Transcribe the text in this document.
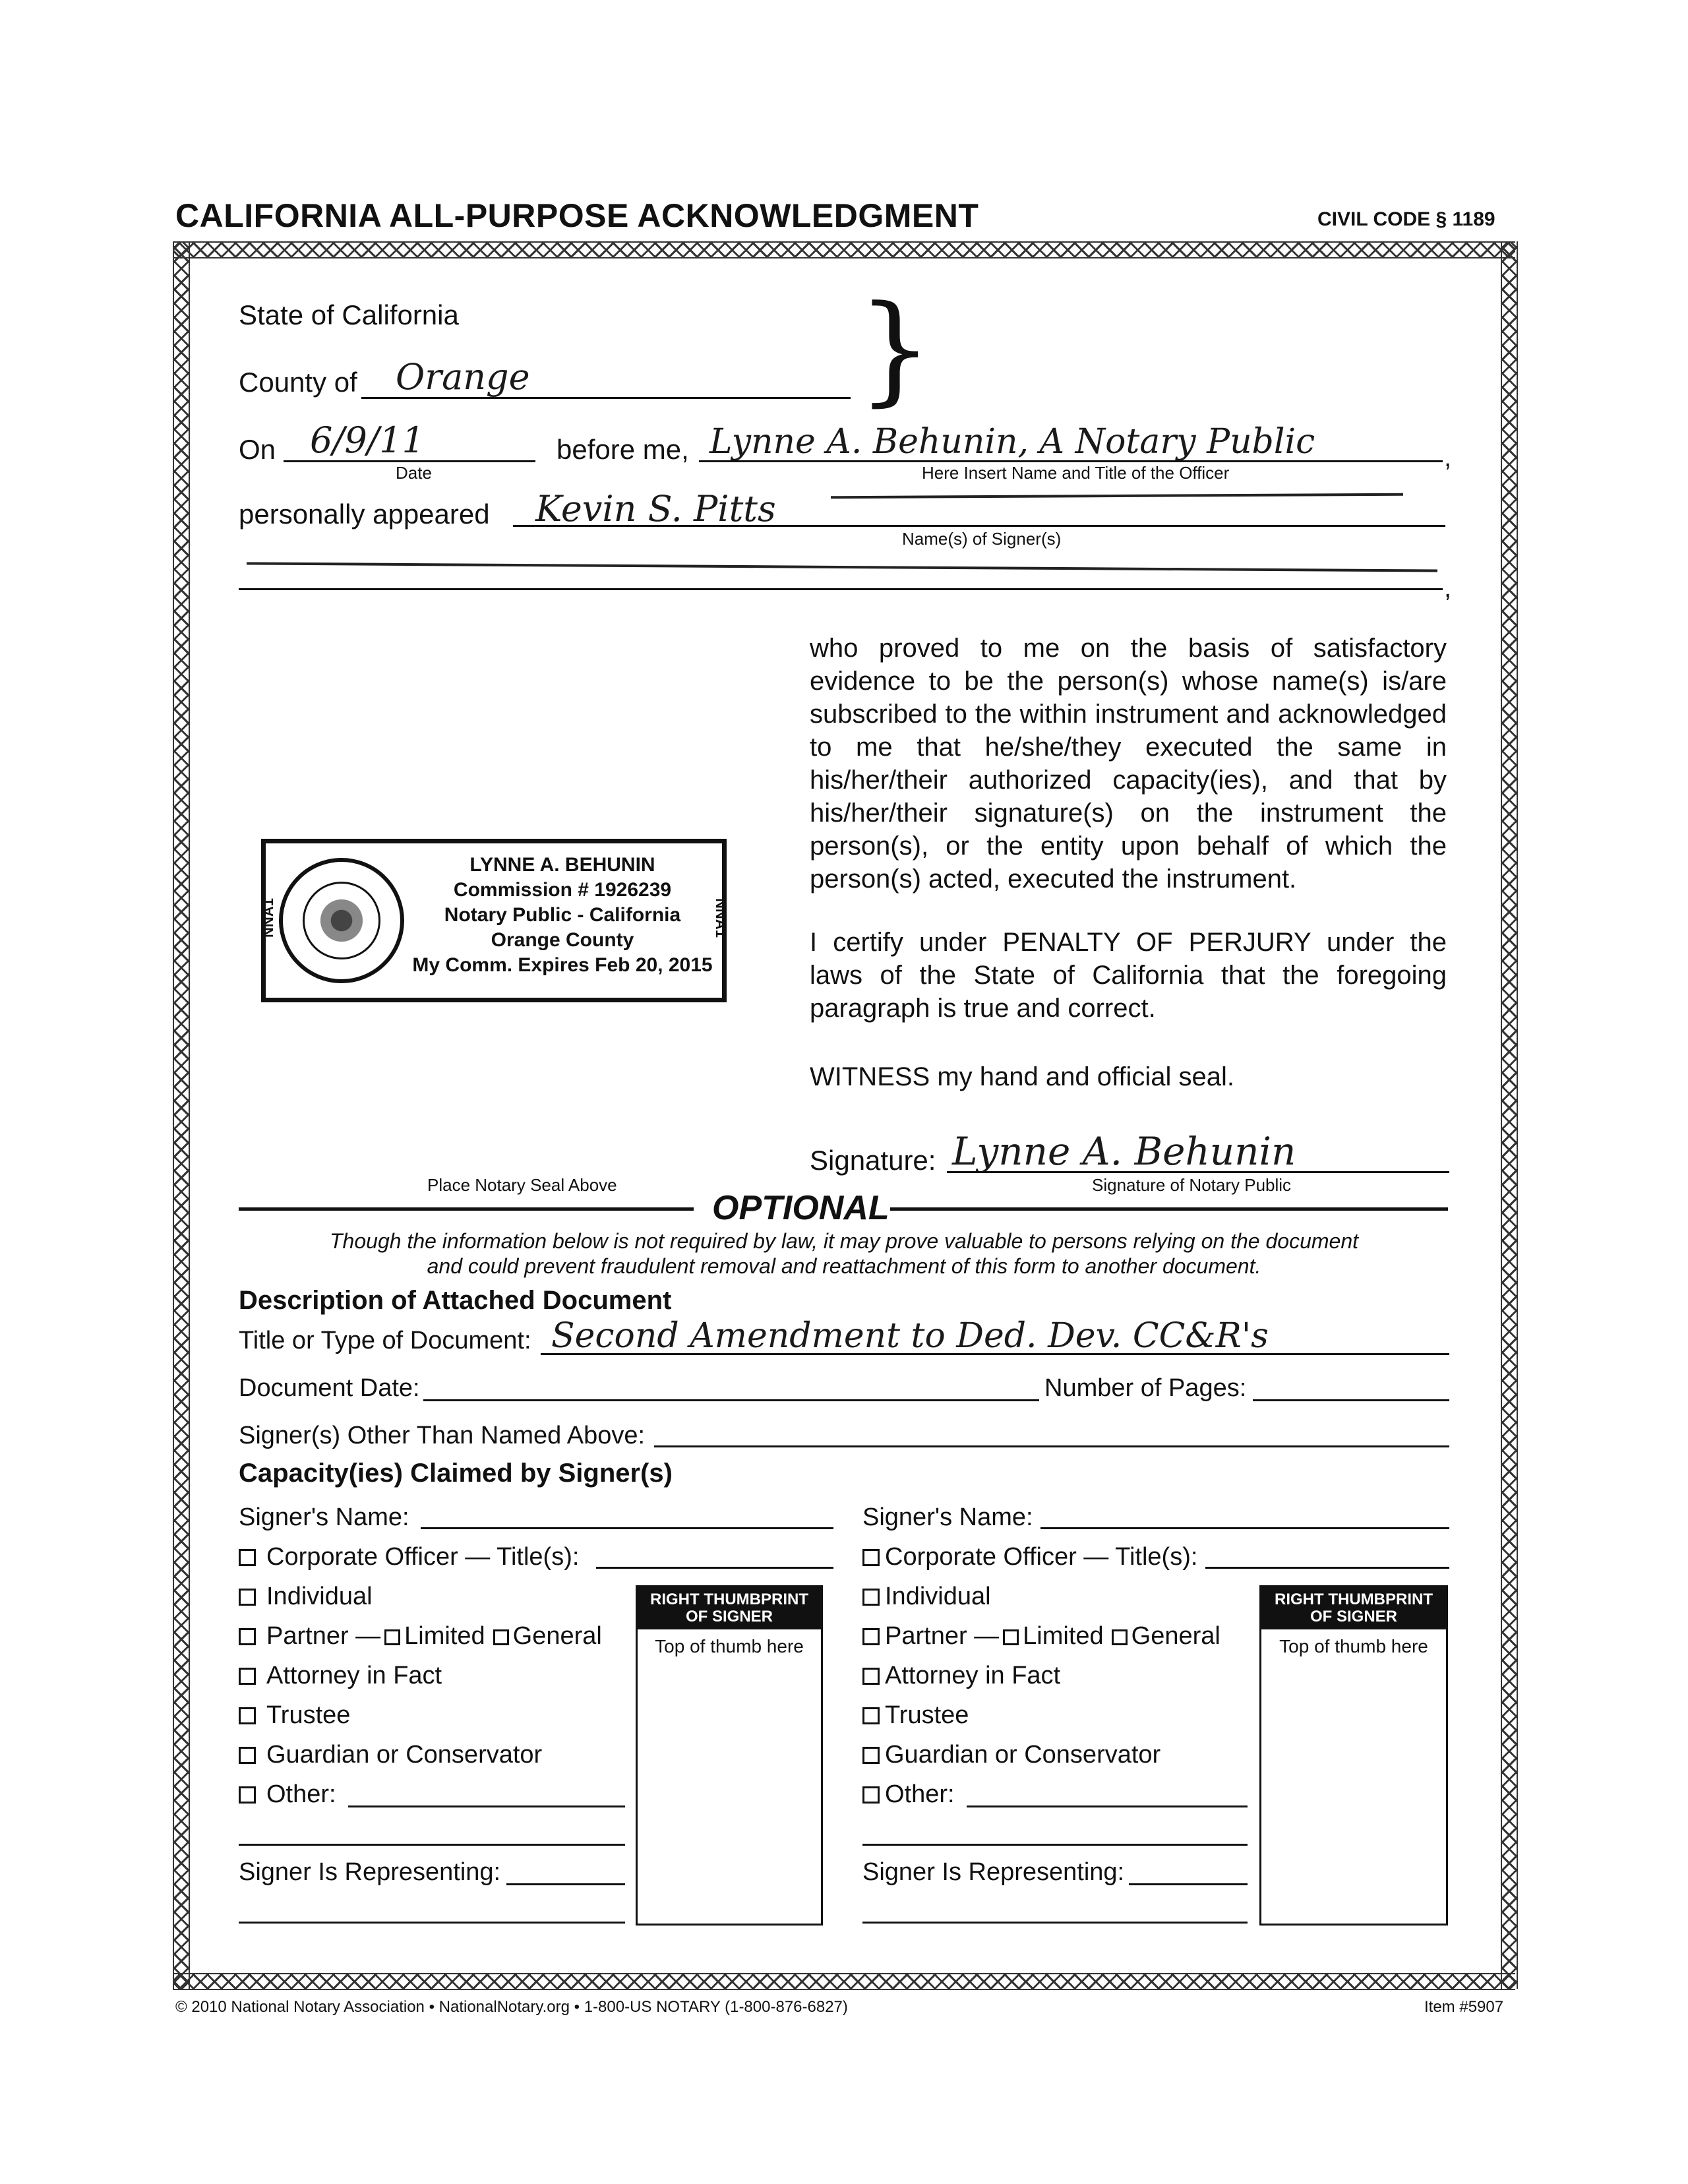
CALIFORNIA ALL-PURPOSE ACKNOWLEDGMENT	CIVIL CODE § 1189
State of California
County of Orange	}
On 6/9/11
Date
before me, Lynne A. Behunin, A Notary Public	,
Here Insert Name and Title of the Officer
personally appeared Kevin S. Pitts
Name(s) of Signer(s)
,
who proved to me on the basis of satisfactory evidence to be the person(s) whose name(s) is/are subscribed to the within instrument and acknowledged to me that he/she/they executed the same in his/her/their authorized capacity(ies), and that by his/her/their signature(s) on the instrument the person(s), or the entity upon behalf of which the person(s) acted, executed the instrument.
I certify under PENALTY OF PERJURY under the laws of the State of California that the foregoing paragraph is true and correct.
WITNESS my hand and official seal.
NNA1	NNA1
LYNNE A. BEHUNIN
Commission # 1926239
Notary Public - California
Orange County
My Comm. Expires Feb 20, 2015
Place Notary Seal Above
Signature: Lynne A. Behunin
Signature of Notary Public
OPTIONAL
Though the information below is not required by law, it may prove valuable to persons relying on the document
and could prevent fraudulent removal and reattachment of this form to another document.
Description of Attached Document
Title or Type of Document: Second Amendment to Ded. Dev. CC&R's
Document Date:	Number of Pages:
Signer(s) Other Than Named Above:
Capacity(ies) Claimed by Signer(s)
Signer's Name:
Corporate Officer — Title(s):
Individual
Partner — Limited General
Attorney in Fact
Trustee
Guardian or Conservator
Other:
Signer Is Representing:
RIGHT THUMBPRINT OF SIGNER
Top of thumb here
Signer's Name:
Corporate Officer — Title(s):
Individual
Partner — Limited General
Attorney in Fact
Trustee
Guardian or Conservator
Other:
Signer Is Representing:
RIGHT THUMBPRINT OF SIGNER
Top of thumb here
© 2010 National Notary Association • NationalNotary.org • 1-800-US NOTARY (1-800-876-6827)	Item #5907
